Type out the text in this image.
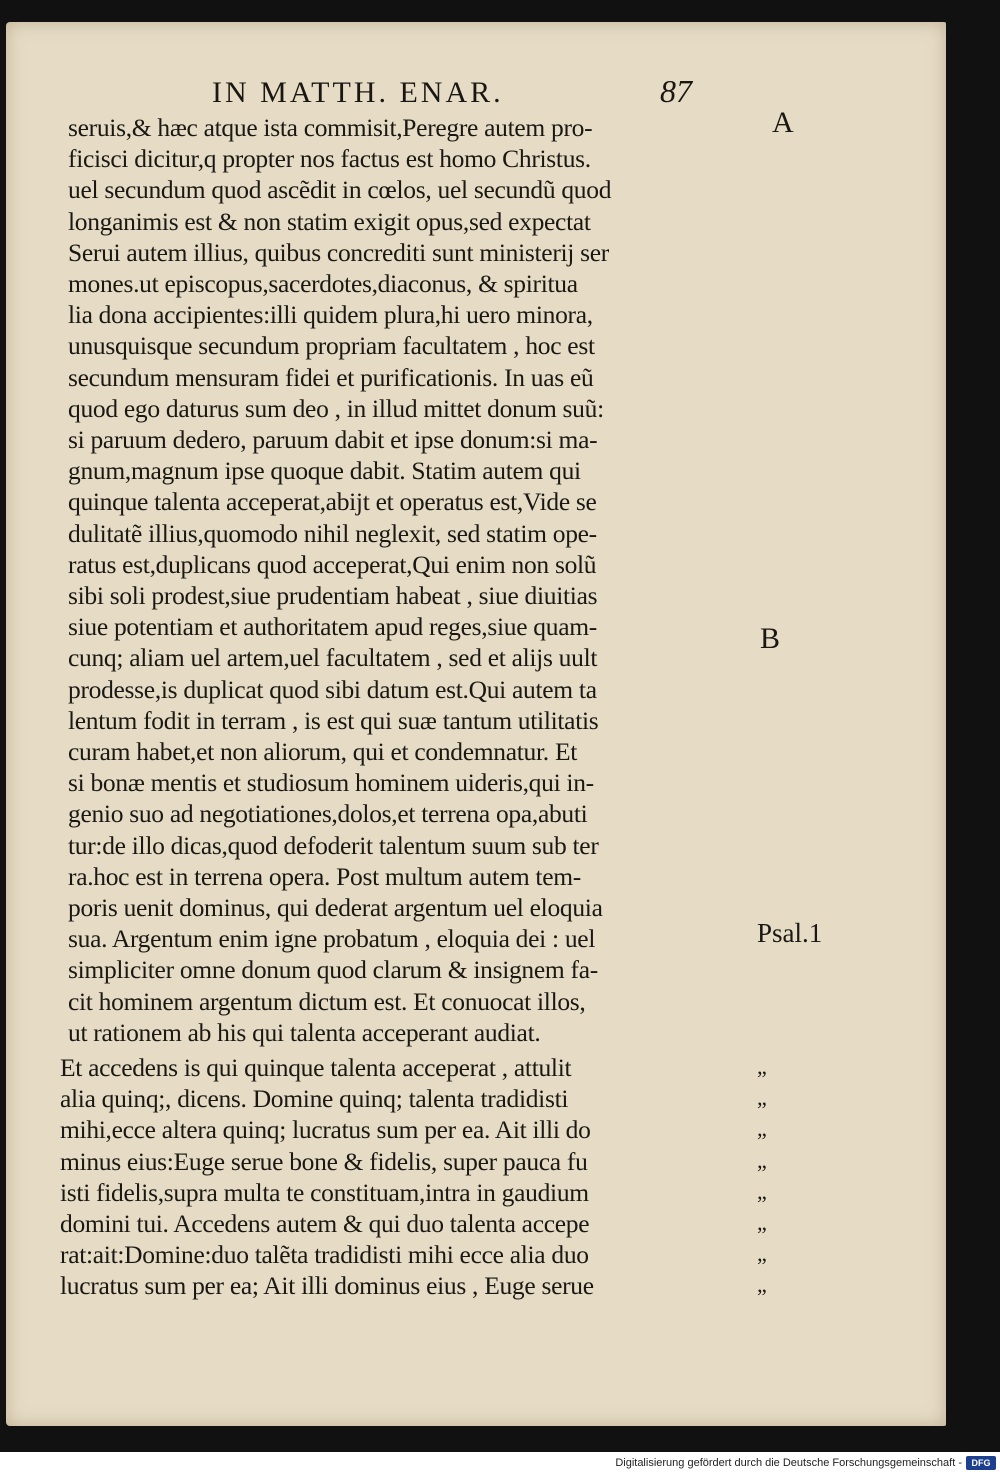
IN MATTH. ENAR.	87
seruis,& hæc atque ista commisit,Peregre autem pro-
ficisci dicitur,q propter nos factus est homo Christus.
uel secundum quod ascẽdit in cœlos, uel secundũ quod
longanimis est & non statim exigit opus,sed expectat
Serui autem illius, quibus concrediti sunt ministerij ser
mones.ut episcopus,sacerdotes,diaconus, & spiritua
lia dona accipientes:illi quidem plura,hi uero minora,
unusquisque secundum propriam facultatem , hoc est
secundum mensuram fidei et purificationis. In uas eũ
quod ego daturus sum deo , in illud mittet donum suũ:
si paruum dedero, paruum dabit et ipse donum:si ma-
gnum,magnum ipse quoque dabit. Statim autem qui
quinque talenta acceperat,abijt et operatus est,Vide se
dulitatẽ illius,quomodo nihil neglexit, sed statim ope-
ratus est,duplicans quod acceperat,Qui enim non solũ
sibi soli prodest,siue prudentiam habeat , siue diuitias
siue potentiam et authoritatem apud reges,siue quam-
cunq; aliam uel artem,uel facultatem , sed et alijs uult
prodesse,is duplicat quod sibi datum est.Qui autem ta
lentum fodit in terram , is est qui suæ tantum utilitatis
curam habet,et non aliorum, qui et condemnatur. Et
si bonæ mentis et studiosum hominem uideris,qui in-
genio suo ad negotiationes,dolos,et terrena opa,abuti
tur:de illo dicas,quod defoderit talentum suum sub ter
ra.hoc est in terrena opera. Post multum autem tem-
poris uenit dominus, qui dederat argentum uel eloquia
sua. Argentum enim igne probatum , eloquia dei : uel
simpliciter omne donum quod clarum & insignem fa-
cit hominem argentum dictum est. Et conuocat illos,
ut rationem ab his qui talenta acceperant audiat.
Et accedens is qui quinque talenta acceperat , attulit	„
alia quinq;, dicens. Domine quinq; talenta tradidisti	„
mihi,ecce altera quinq; lucratus sum per ea. Ait illi do	„
minus eius:Euge serue bone & fidelis, super pauca fu	„
isti fidelis,supra multa te constituam,intra in gaudium	„
domini tui. Accedens autem & qui duo talenta accepe	„
rat:ait:Domine:duo talẽta tradidisti mihi ecce alia duo	„
lucratus sum per ea; Ait illi dominus eius , Euge serue	„
A
B
Psal.1
Digitalisierung gefördert durch die Deutsche Forschungsgemeinschaft -	DFG
